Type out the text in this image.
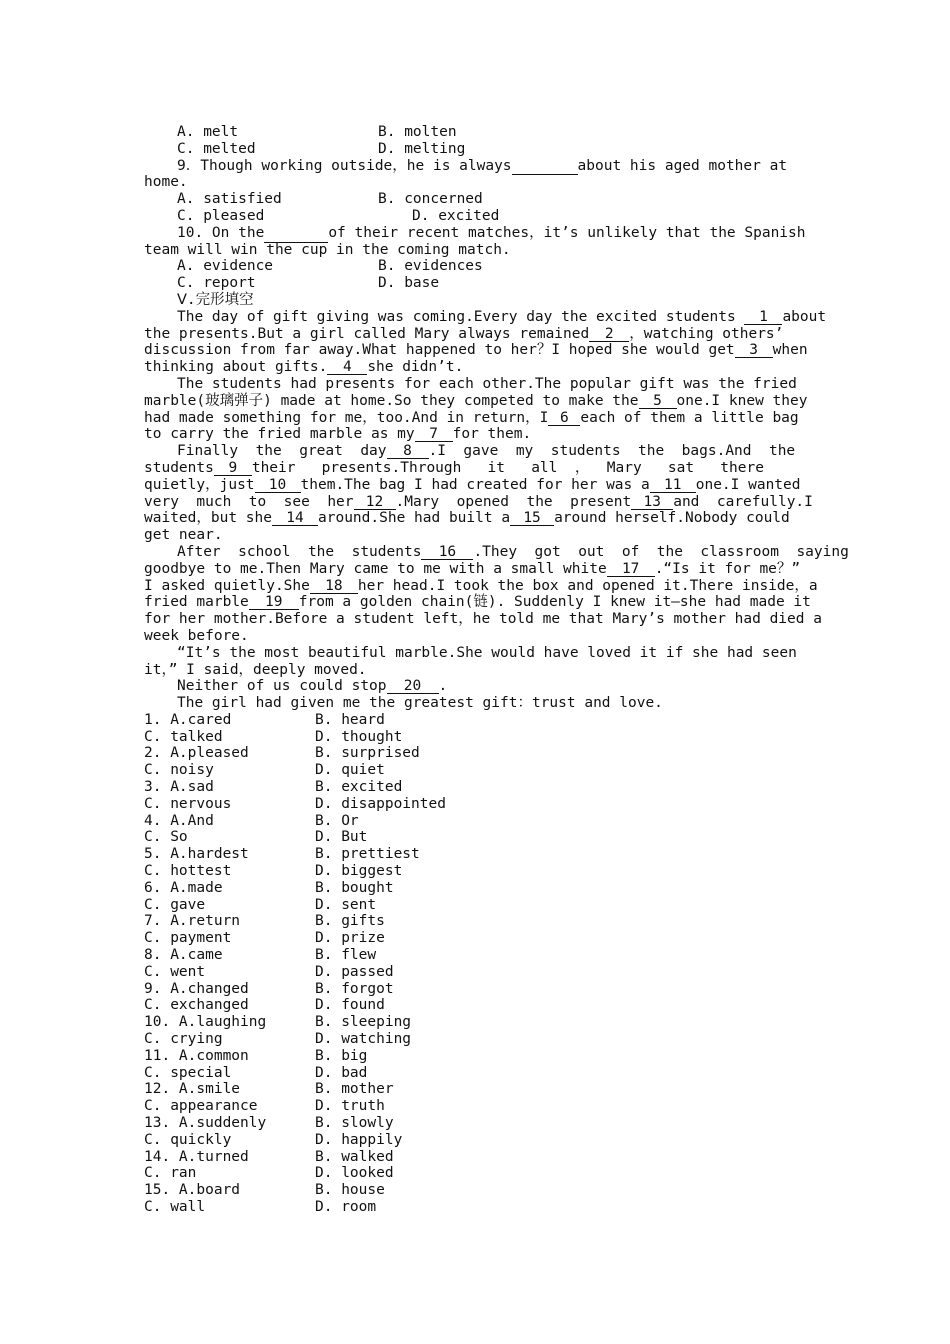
A. melt	B. molten
C. melted	D. melting
9．Though working outside，he is always	about his aged mother at
home.
A. satisfied	B. concerned
C. pleased	D. excited
10. On the	of their recent matches，it’s unlikely that the Spanish
team will win the cup in the coming match.
A. evidence	B. evidences
C. report	D. base
Ⅴ.完形填空
The day of gift giving was coming.Every day the excited students 1 about
the presents.But a girl called Mary always remained 2 ，watching others’
discussion from far away.What happened to her？I hoped she would get 3 when
thinking about gifts. 4 she didn’t.
The students had presents for each other.The popular gift was the fried
marble(玻璃弹子) made at home.So they competed to make the 5 one.I knew they
had made something for me，too.And in return，I 6 each of them a little bag
to carry the fried marble as my 7 for them.
Finally  the  great  day 8 .I  gave  my  students  the  bags.And  the
students 9 their   presents.Through   it   all  ，  Mary   sat   there
quietly，just 10 them.The bag I had created for her was a 11 one.I wanted
very  much  to  see  her 12 .Mary  opened  the  present 13 and  carefully.I
waited，but she 14 around.She had built a 15 around herself.Nobody could
get near.
After  school  the  students 16 .They  got  out  of  the  classroom  saying
goodbye to me.Then Mary came to me with a small white 17 .“Is it for me？”
I asked quietly.She 18 her head.I took the box and opened it.There inside，a
fried marble 19 from a golden chain(链). Suddenly I knew it—she had made it
for her mother.Before a student left，he told me that Mary’s mother had died a
week before.
“It’s the most beautiful marble.She would have loved it if she had seen
it，” I said，deeply moved.
Neither of us could stop 20 .
The girl had given me the greatest gift：trust and love.
1. A.cared	B. heard
C. talked	D. thought
2. A.pleased	B. surprised
C. noisy	D. quiet
3. A.sad	B. excited
C. nervous	D. disappointed
4. A.And	B. Or
C. So	D. But
5. A.hardest	B. prettiest
C. hottest	D. biggest
6. A.made	B. bought
C. gave	D. sent
7. A.return	B. gifts
C. payment	D. prize
8. A.came	B. flew
C. went	D. passed
9. A.changed	B. forgot
C. exchanged	D. found
10. A.laughing	B. sleeping
C. crying	D. watching
11. A.common	B. big
C. special	D. bad
12. A.smile	B. mother
C. appearance	D. truth
13. A.suddenly	B. slowly
C. quickly	D. happily
14. A.turned	B. walked
C. ran	D. looked
15. A.board	B. house
C. wall	D. room
